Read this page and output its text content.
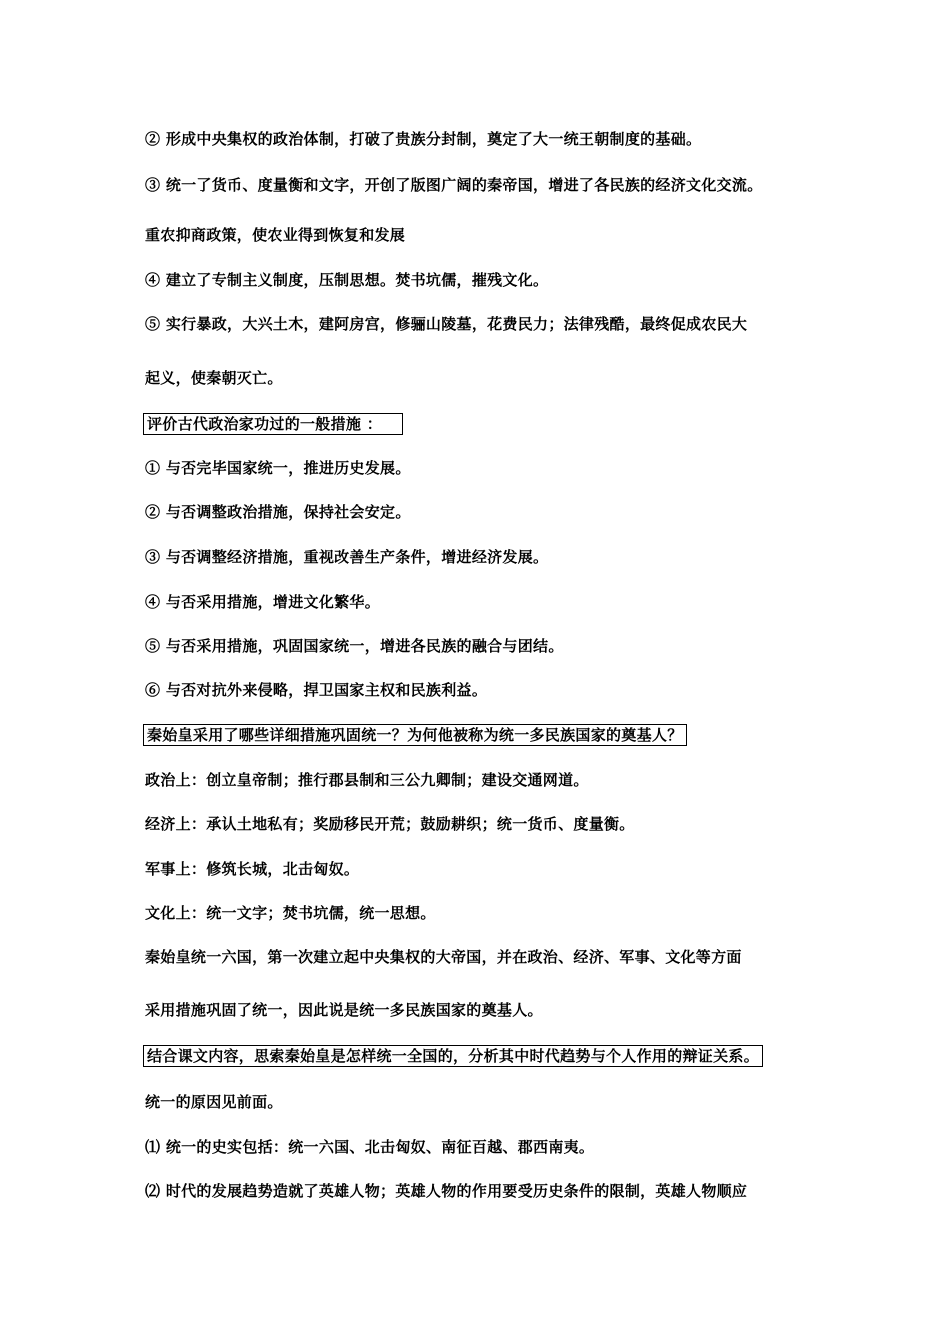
② 形成中央集权的政治体制，打破了贵族分封制，奠定了大一统王朝制度的基础。
③ 统一了货币、度量衡和文字，开创了版图广阔的秦帝国，增进了各民族的经济文化交流。
重农抑商政策，使农业得到恢复和发展
④ 建立了专制主义制度，压制思想。焚书坑儒，摧残文化。
⑤ 实行暴政，大兴土木，建阿房宫，修骊山陵墓，花费民力；法律残酷，最终促成农民大
起义，使秦朝灭亡。
评价古代政治家功过的一般措施 ：
① 与否完毕国家统一，推进历史发展。
② 与否调整政治措施，保持社会安定。
③ 与否调整经济措施，重视改善生产条件，增进经济发展。
④ 与否采用措施，增进文化繁华。
⑤ 与否采用措施，巩固国家统一，增进各民族的融合与团结。
⑥ 与否对抗外来侵略，捍卫国家主权和民族利益。
秦始皇采用了哪些详细措施巩固统一？为何他被称为统一多民族国家的奠基人？
政治上：创立皇帝制；推行郡县制和三公九卿制；建设交通网道。
经济上：承认土地私有；奖励移民开荒；鼓励耕织；统一货币、度量衡。
军事上：修筑长城，北击匈奴。
文化上：统一文字；焚书坑儒，统一思想。
秦始皇统一六国，第一次建立起中央集权的大帝国，并在政治、经济、军事、文化等方面
采用措施巩固了统一，因此说是统一多民族国家的奠基人。
结合课文内容，思索秦始皇是怎样统一全国的，分析其中时代趋势与个人作用的辩证关系。
统一的原因见前面。
⑴ 统一的史实包括：统一六国、北击匈奴、南征百越、郡西南夷。
⑵ 时代的发展趋势造就了英雄人物；英雄人物的作用要受历史条件的限制，英雄人物顺应
